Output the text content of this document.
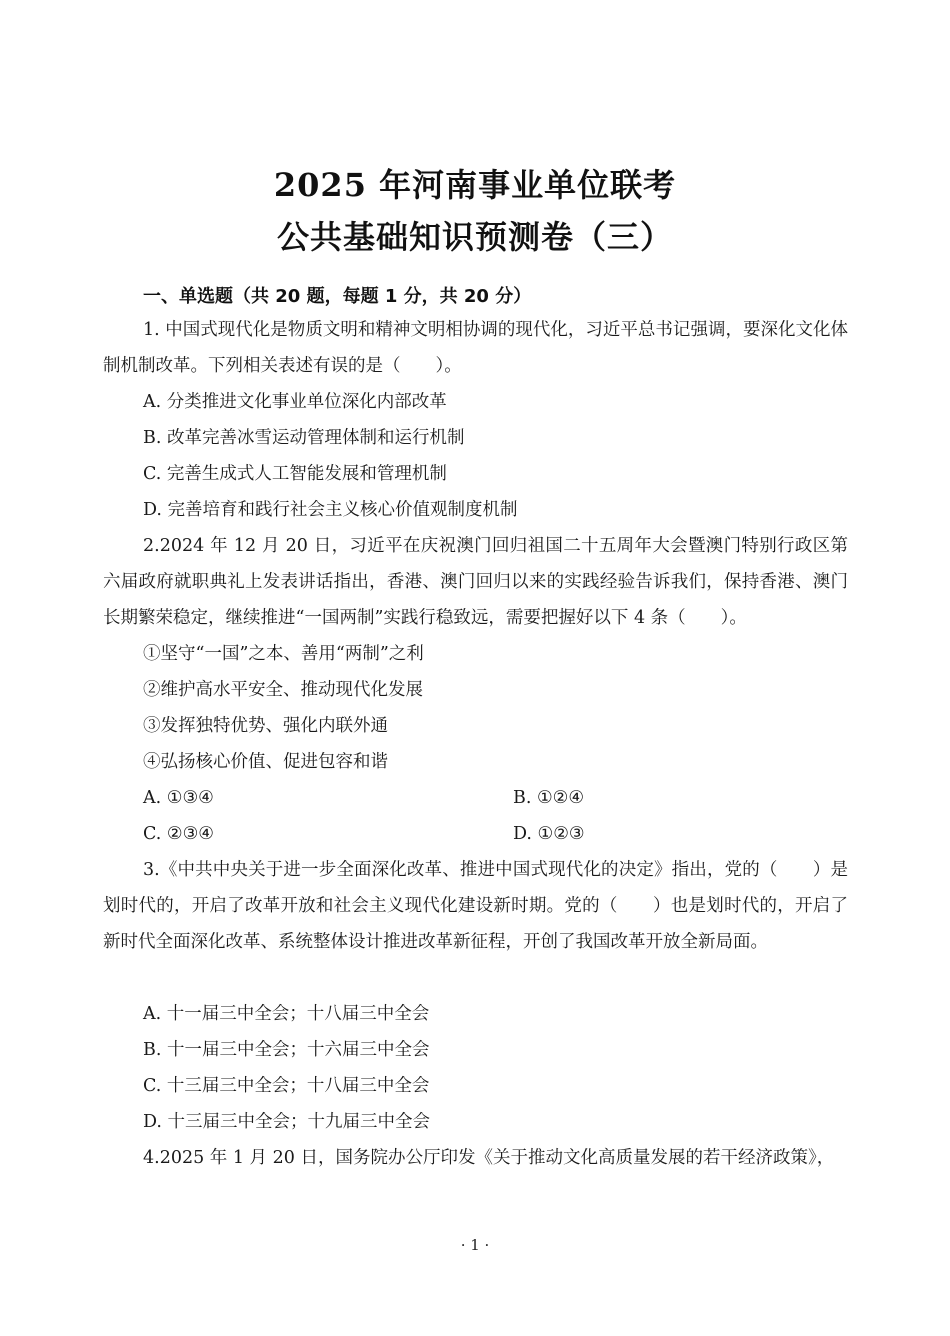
2025 年河南事业单位联考
公共基础知识预测卷（三）
一、单选题（共 20 题，每题 1 分，共 20 分）
1. 中国式现代化是物质文明和精神文明相协调的现代化，习近平总书记强调，要深化文化体制机制改革。下列相关表述有误的是（　　）。
A. 分类推进文化事业单位深化内部改革
B. 改革完善冰雪运动管理体制和运行机制
C. 完善生成式人工智能发展和管理机制
D. 完善培育和践行社会主义核心价值观制度机制
2.2024 年 12 月 20 日，习近平在庆祝澳门回归祖国二十五周年大会暨澳门特别行政区第六届政府就职典礼上发表讲话指出，香港、澳门回归以来的实践经验告诉我们，保持香港、澳门长期繁荣稳定，继续推进“一国两制”实践行稳致远，需要把握好以下 4 条（　　）。
①坚守“一国”之本、善用“两制”之利
②维护高水平安全、推动现代化发展
③发挥独特优势、强化内联外通
④弘扬核心价值、促进包容和谐
A. ①③④	B. ①②④
C. ②③④	D. ①②③
3.《中共中央关于进一步全面深化改革、推进中国式现代化的决定》指出，党的（　　）是划时代的，开启了改革开放和社会主义现代化建设新时期。党的（　　）也是划时代的，开启了新时代全面深化改革、系统整体设计推进改革新征程，开创了我国改革开放全新局面。
A. 十一届三中全会；十八届三中全会
B. 十一届三中全会；十六届三中全会
C. 十三届三中全会；十八届三中全会
D. 十三届三中全会；十九届三中全会
4.2025 年 1 月 20 日，国务院办公厅印发《关于推动文化高质量发展的若干经济政策》，
· 1 ·
